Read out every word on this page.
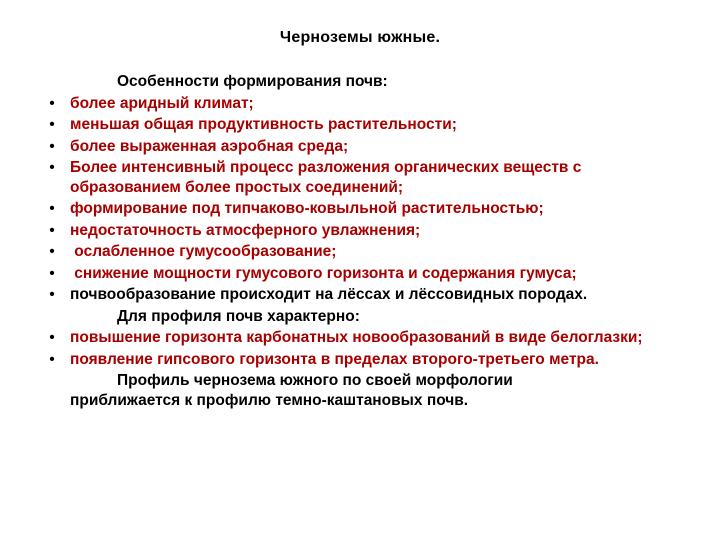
Черноземы южные.
Особенности формирования почв:
• более аридный климат;
• меньшая общая продуктивность растительности;
• более выраженная аэробная среда;
• Более интенсивный процесс разложения органических веществ с образованием более простых соединений;
• формирование под типчаково-ковыльной растительностью;
• недостаточность атмосферного увлажнения;
• ослабленное гумусообразование;
• снижение мощности гумусового горизонта и содержания гумуса;
• почвообразование происходит на лёссах и лёссовидных породах.
Для профиля почв характерно:
• повышение горизонта карбонатных новообразований в виде белоглазки;
• появление гипсового горизонта в пределах второго-третьего метра.
Профиль чернозема южного по своей морфологии
приближается к профилю темно-каштановых почв.
